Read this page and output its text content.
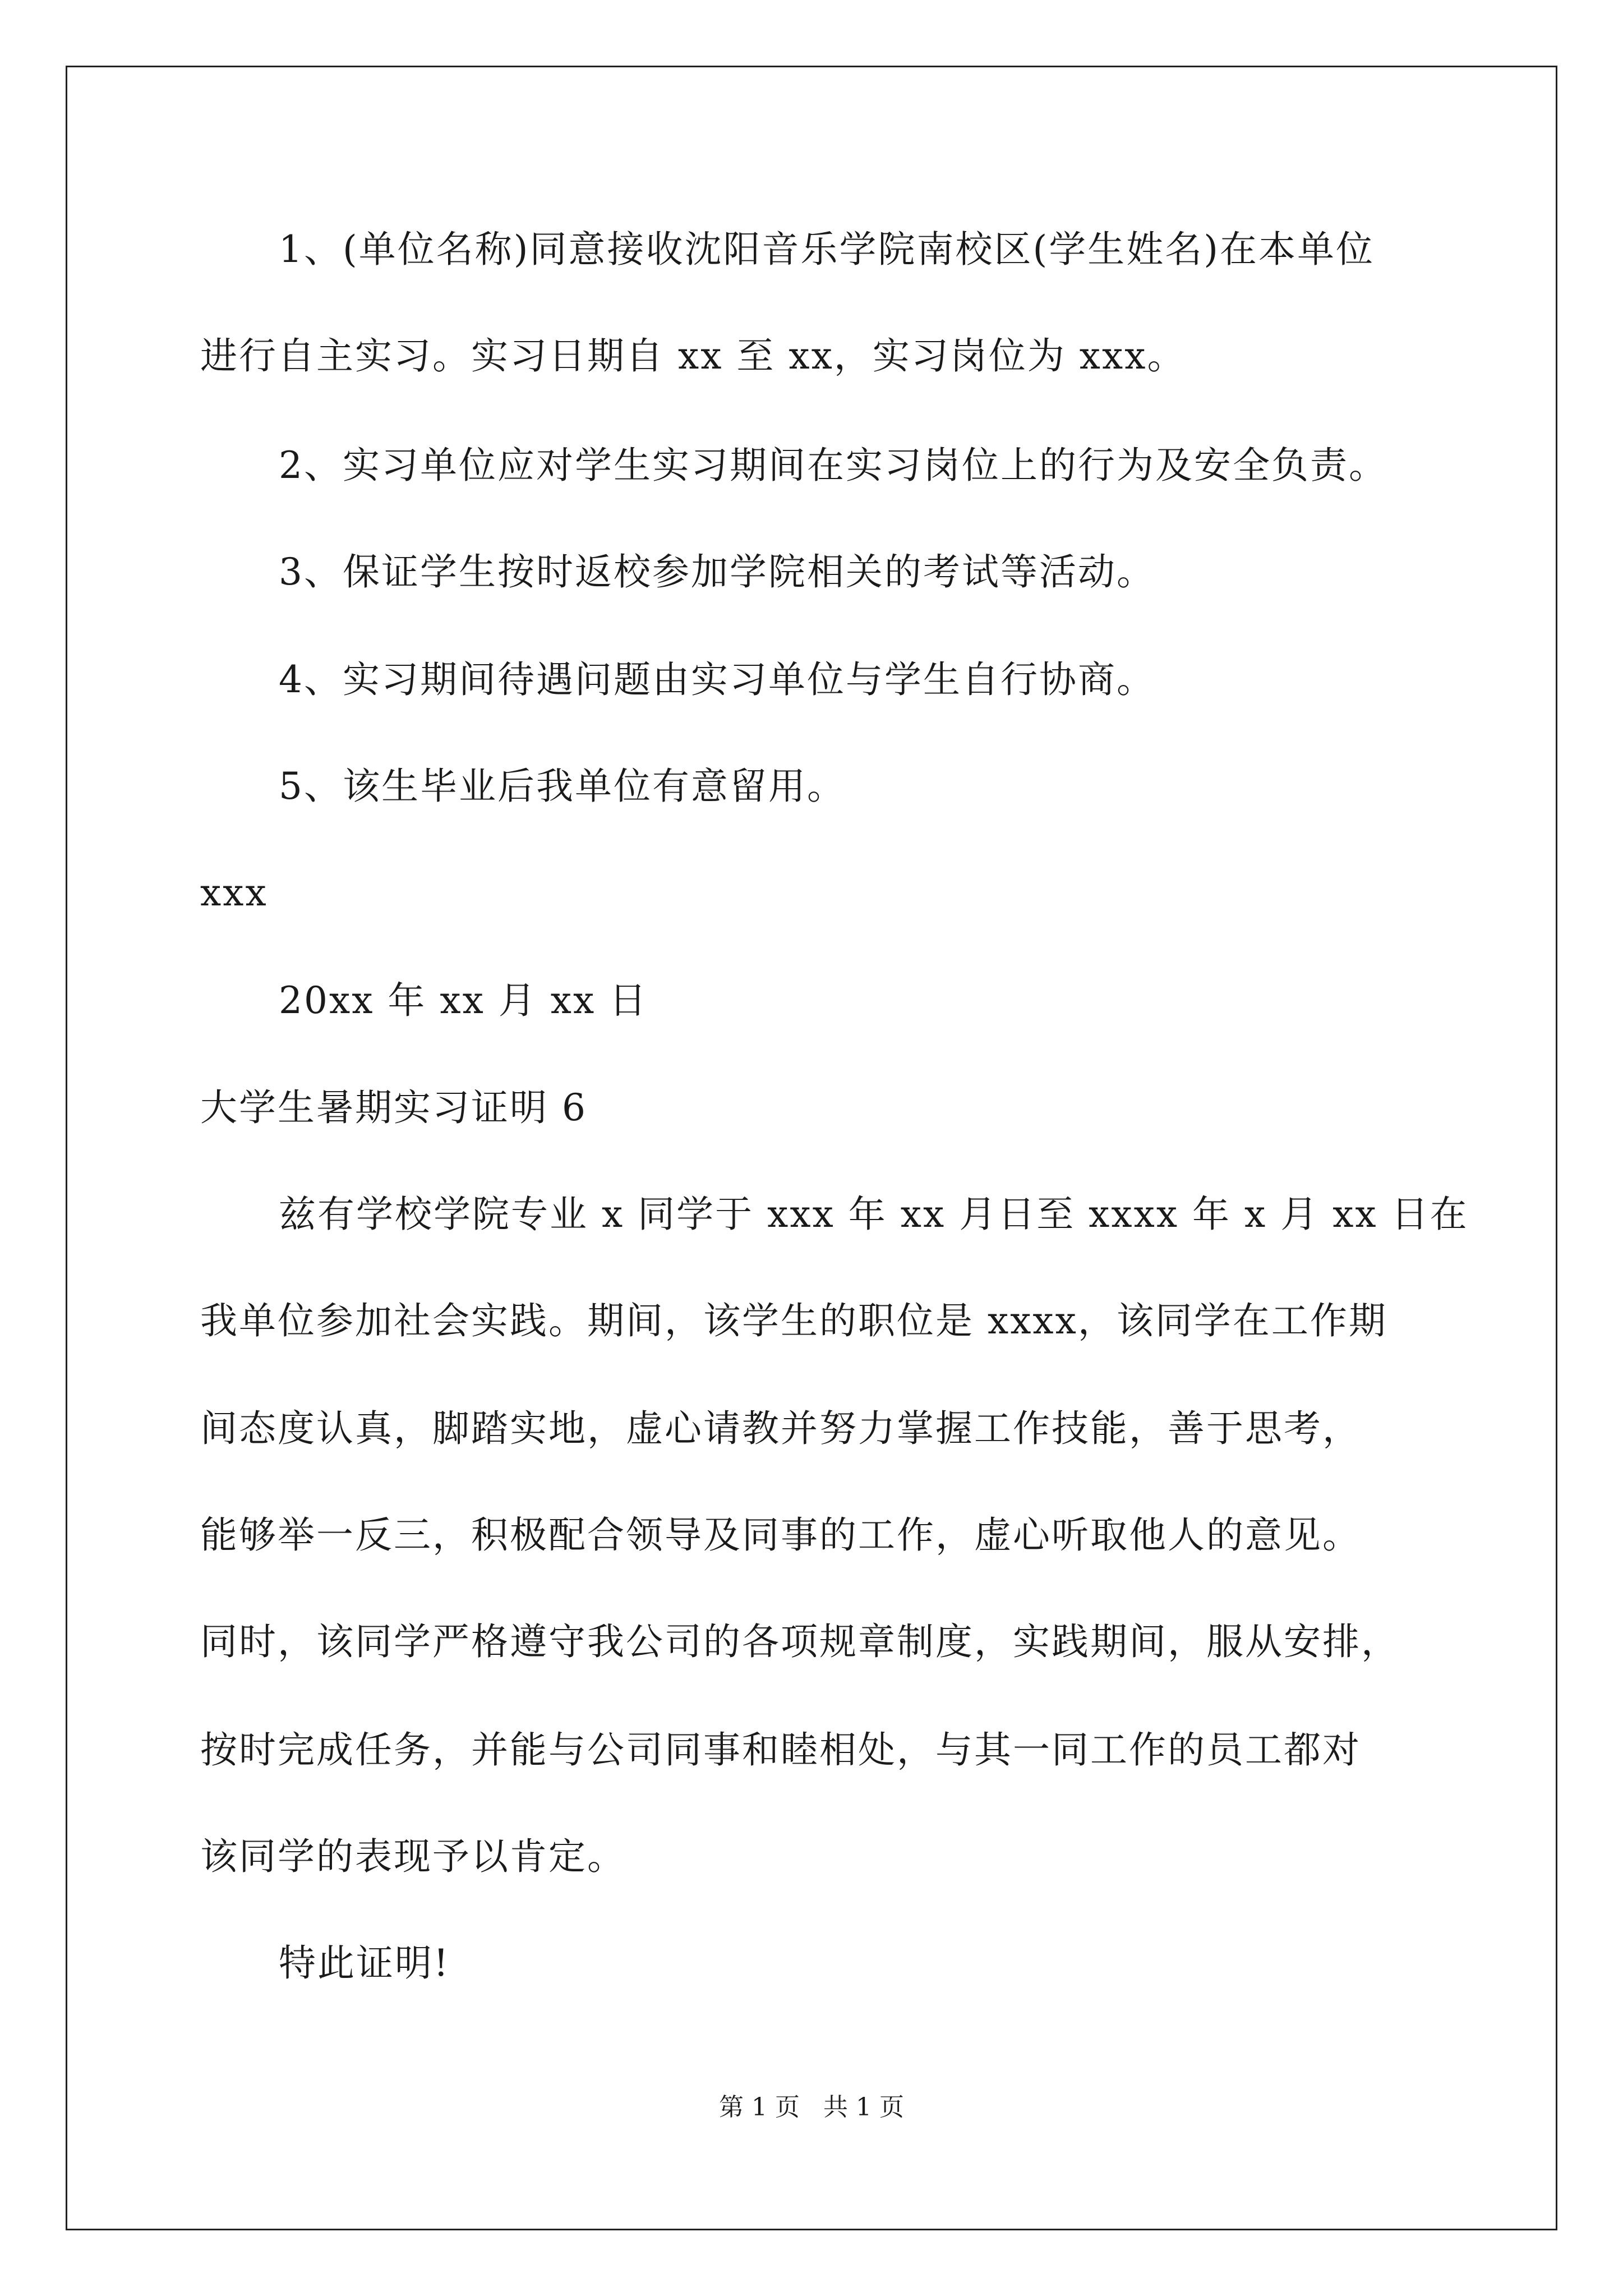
1、(单位名称)同意接收沈阳音乐学院南校区(学生姓名)在本单位
进行自主实习。实习日期自 xx 至 xx，实习岗位为 xxx。
2、实习单位应对学生实习期间在实习岗位上的行为及安全负责。
3、保证学生按时返校参加学院相关的考试等活动。
4、实习期间待遇问题由实习单位与学生自行协商。
5、该生毕业后我单位有意留用。
xxx
20xx 年 xx 月 xx 日
大学生暑期实习证明 6
兹有学校学院专业 x 同学于 xxx 年 xx 月日至 xxxx 年 x 月 xx 日在
我单位参加社会实践。期间，该学生的职位是 xxxx，该同学在工作期
间态度认真，脚踏实地，虚心请教并努力掌握工作技能，善于思考，
能够举一反三，积极配合领导及同事的工作，虚心听取他人的意见。
同时，该同学严格遵守我公司的各项规章制度，实践期间，服从安排，
按时完成任务，并能与公司同事和睦相处，与其一同工作的员工都对
该同学的表现予以肯定。
特此证明!
第 1 页   共 1 页
